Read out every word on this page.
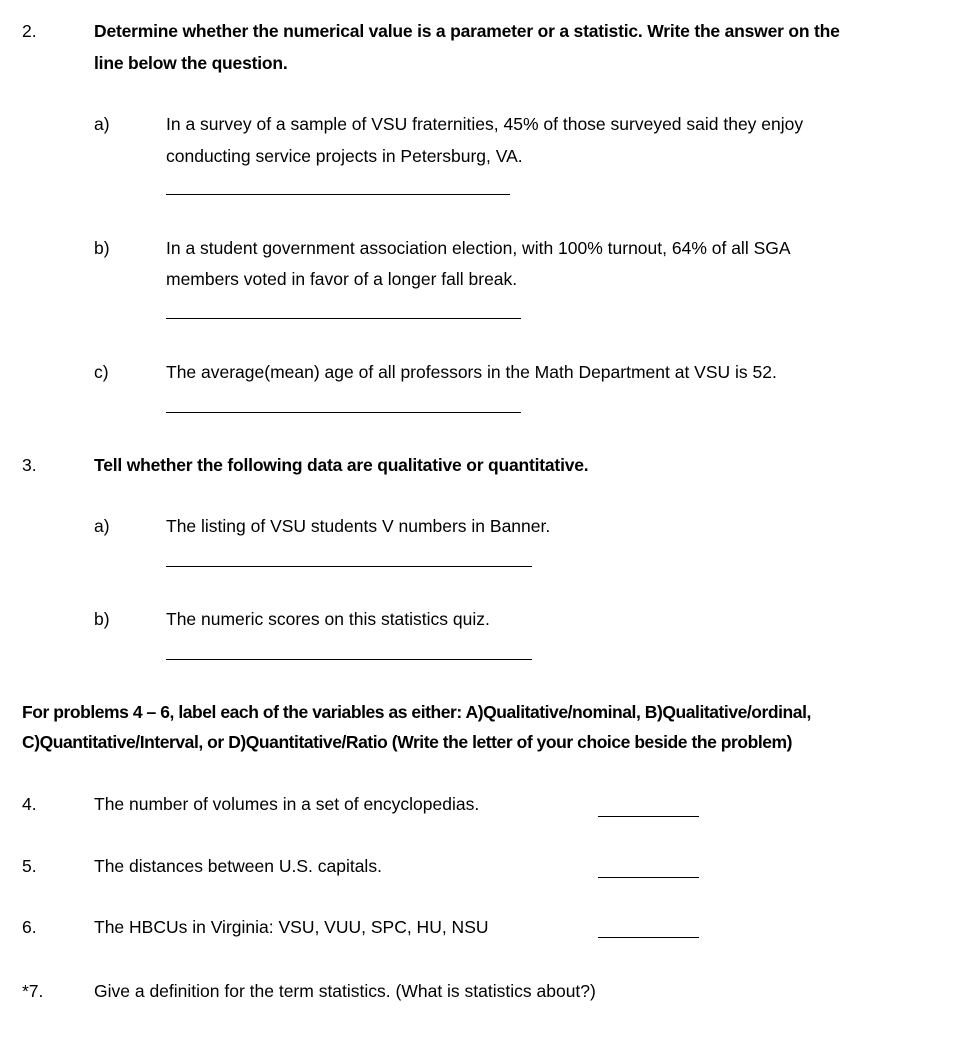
2.	Determine whether the numerical value is a parameter or a statistic. Write the answer on the
line below the question.
a)	In a survey of a sample of VSU fraternities, 45% of those surveyed said they enjoy
conducting service projects in Petersburg, VA.
b)	In a student government association election, with 100% turnout, 64% of all SGA
members voted in favor of a longer fall break.
c)	The average(mean) age of all professors in the Math Department at VSU is 52.
3.	Tell whether the following data are qualitative or quantitative.
a)	The listing of VSU students V numbers in Banner.
b)	The numeric scores on this statistics quiz.
For problems 4 – 6, label each of the variables as either: A)Qualitative/nominal, B)Qualitative/ordinal,
C)Quantitative/Interval, or D)Quantitative/Ratio (Write the letter of your choice beside the problem)
4.	The number of volumes in a set of encyclopedias.
5.	The distances between U.S. capitals.
6.	The HBCUs in Virginia: VSU, VUU, SPC, HU, NSU
*7.	Give a definition for the term statistics. (What is statistics about?)
